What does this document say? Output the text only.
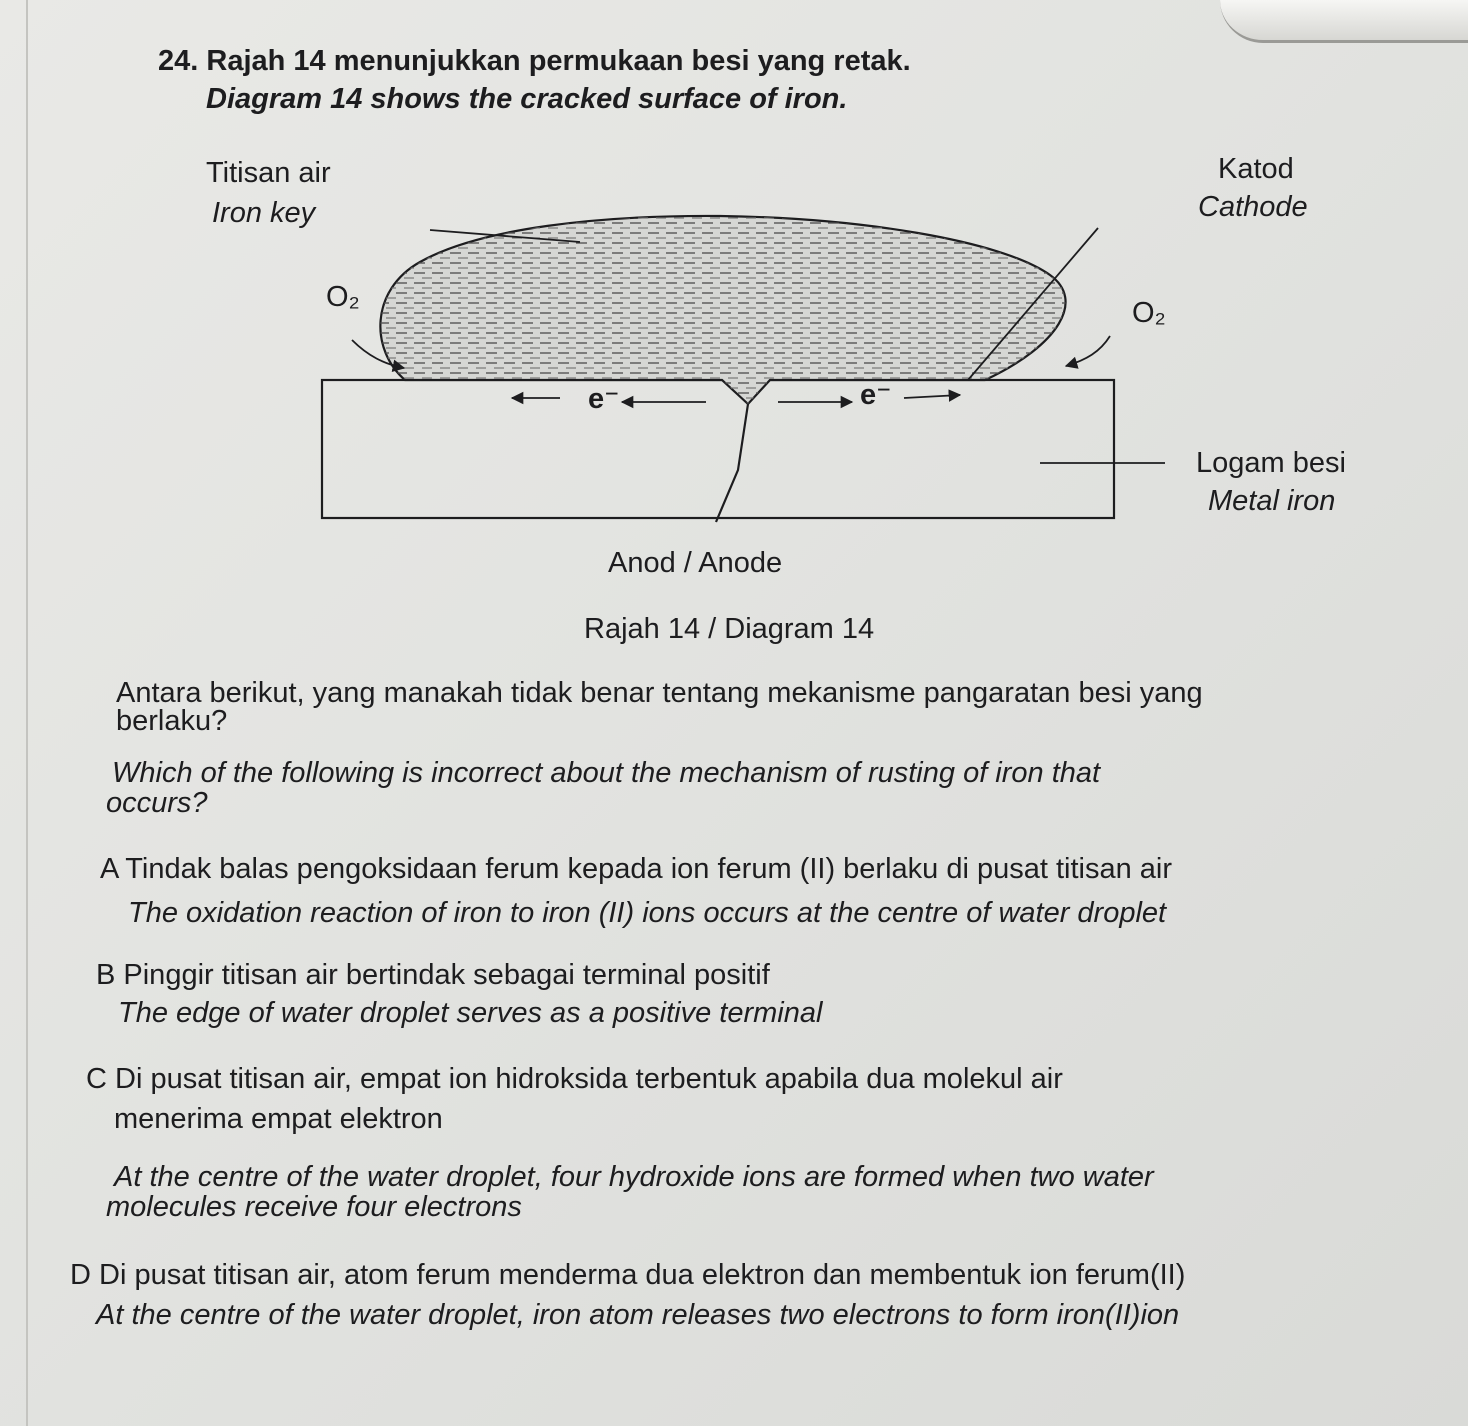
24. Rajah 14 menunjukkan permukaan besi yang retak.
Diagram 14 shows the cracked surface of iron.
Titisan air
Iron key
Katod
Cathode
O₂	O₂
e⁻	e⁻
Logam besi
Metal iron
Anod / Anode
Rajah 14 / Diagram 14
Antara berikut, yang manakah tidak benar tentang mekanisme pangaratan besi yang
berlaku?
Which of the following is incorrect about the mechanism of rusting of iron that
occurs?
A Tindak balas pengoksidaan ferum kepada ion ferum (II) berlaku di pusat titisan air
The oxidation reaction of iron to iron (II) ions occurs at the centre of water droplet
B Pinggir titisan air bertindak sebagai terminal positif
The edge of water droplet serves as a positive terminal
C Di pusat titisan air, empat ion hidroksida terbentuk apabila dua molekul air
menerima empat elektron
At the centre of the water droplet, four hydroxide ions are formed when two water
molecules receive four electrons
D Di pusat titisan air, atom ferum menderma dua elektron dan membentuk ion ferum(II)
At the centre of the water droplet, iron atom releases two electrons to form iron(II)ion
